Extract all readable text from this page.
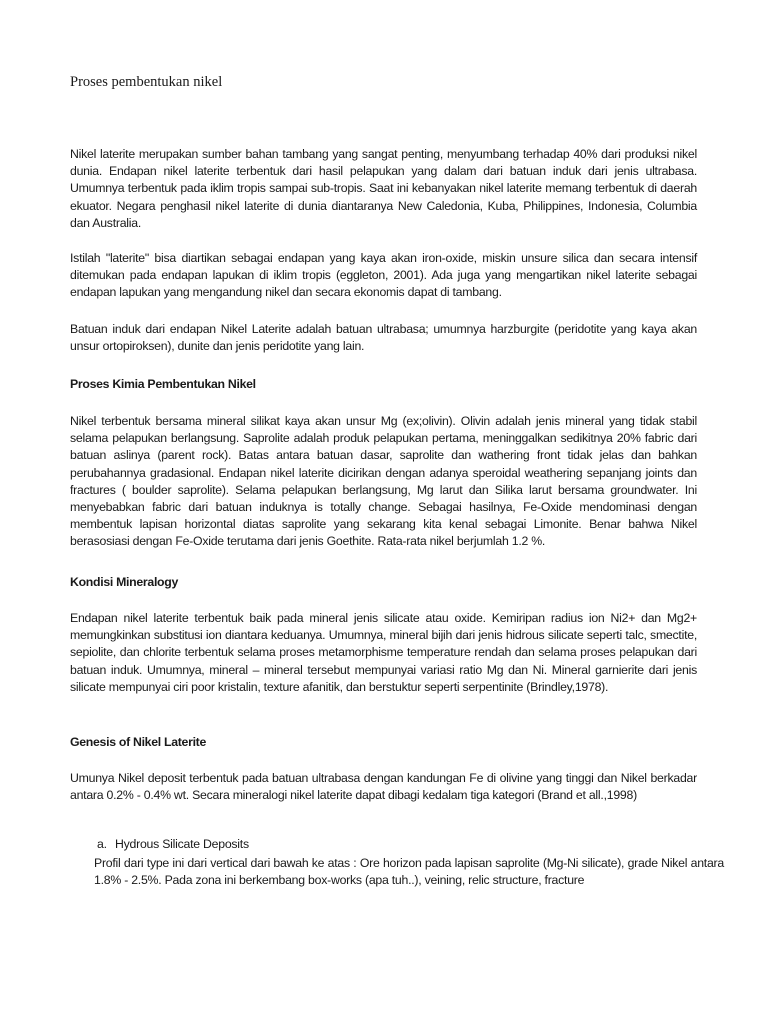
Proses pembentukan nikel

Nikel laterite merupakan sumber bahan tambang yang sangat penting, menyumbang terhadap 40% dari produksi nikel dunia. Endapan nikel laterite terbentuk dari hasil pelapukan yang dalam dari batuan induk dari jenis ultrabasa. Umumnya terbentuk pada iklim tropis sampai sub-tropis. Saat ini kebanyakan nikel laterite memang terbentuk di daerah ekuator. Negara penghasil nikel laterite di dunia diantaranya New Caledonia, Kuba, Philippines, Indonesia, Columbia dan Australia.

Istilah "laterite" bisa diartikan sebagai endapan yang kaya akan iron-oxide, miskin unsure silica dan secara intensif ditemukan pada endapan lapukan di iklim tropis (eggleton, 2001). Ada juga yang mengartikan nikel laterite sebagai endapan lapukan yang mengandung nikel dan secara ekonomis dapat di tambang.

Batuan induk dari endapan Nikel Laterite adalah batuan ultrabasa; umumnya harzburgite (peridotite yang kaya akan unsur ortopiroksen), dunite dan jenis peridotite yang lain.

Proses Kimia Pembentukan Nikel

Nikel terbentuk bersama mineral silikat kaya akan unsur Mg (ex;olivin). Olivin adalah jenis mineral yang tidak stabil selama pelapukan berlangsung. Saprolite adalah produk pelapukan pertama, meninggalkan sedikitnya 20% fabric dari batuan aslinya (parent rock). Batas antara batuan dasar, saprolite dan wathering front tidak jelas dan bahkan perubahannya gradasional. Endapan nikel laterite dicirikan dengan adanya speroidal weathering sepanjang joints dan fractures ( boulder saprolite). Selama pelapukan berlangsung, Mg larut dan Silika larut bersama groundwater. Ini menyebabkan fabric dari batuan induknya is totally change. Sebagai hasilnya, Fe-Oxide mendominasi dengan membentuk lapisan horizontal diatas saprolite yang sekarang kita kenal sebagai Limonite. Benar bahwa Nikel berasosiasi dengan Fe-Oxide terutama dari jenis Goethite. Rata-rata nikel berjumlah 1.2 %.

Kondisi Mineralogy

Endapan nikel laterite terbentuk baik pada mineral jenis silicate atau oxide. Kemiripan radius ion Ni2+ dan Mg2+ memungkinkan substitusi ion diantara keduanya. Umumnya, mineral bijih dari jenis hidrous silicate seperti talc, smectite, sepiolite, dan chlorite terbentuk selama proses metamorphisme temperature rendah dan selama proses pelapukan dari batuan induk. Umumnya, mineral – mineral tersebut mempunyai variasi ratio Mg dan Ni. Mineral garnierite dari jenis silicate mempunyai ciri poor kristalin, texture afanitik, dan berstuktur seperti serpentinite (Brindley,1978).

Genesis of Nikel Laterite

Umunya Nikel deposit terbentuk pada batuan ultrabasa dengan kandungan Fe di olivine yang tinggi dan Nikel berkadar antara 0.2% - 0.4% wt. Secara mineralogi nikel laterite dapat dibagi kedalam tiga kategori (Brand et all.,1998)

a. Hydrous Silicate Deposits

Profil dari type ini dari vertical dari bawah ke atas : Ore horizon pada lapisan saprolite (Mg-Ni silicate), grade Nikel antara 1.8% - 2.5%. Pada zona ini berkembang box-works (apa tuh..), veining, relic structure, fracture
